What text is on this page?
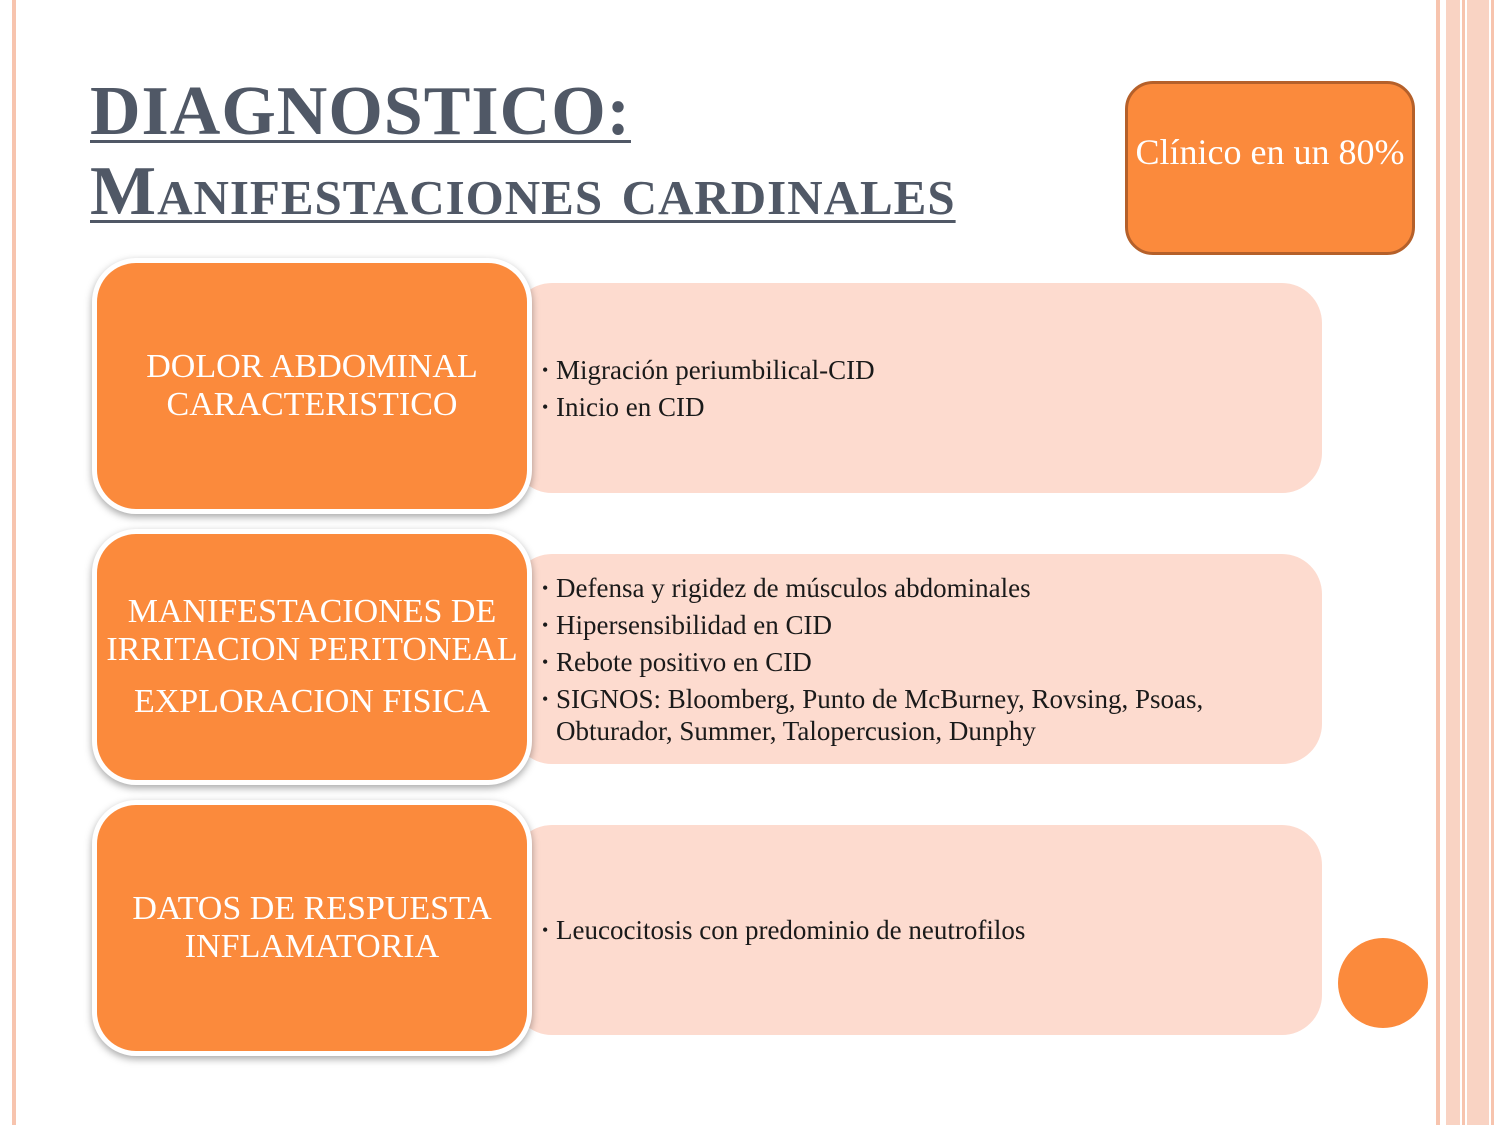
DIAGNOSTICO:
Manifestaciones cardinales
Clínico en un 80%
• Migración periumbilical-CID
• Inicio en CID

DOLOR ABDOMINAL CARACTERISTICO

• Defensa y rigidez de músculos abdominales
• Hipersensibilidad en CID
• Rebote positivo en CID
• SIGNOS: Bloomberg, Punto de McBurney, Rovsing, Psoas, Obturador, Summer, Talopercusion, Dunphy

MANIFESTACIONES DE IRRITACION PERITONEAL

EXPLORACION FISICA

• Leucocitosis con predominio de neutrofilos

DATOS DE RESPUESTA INFLAMATORIA
